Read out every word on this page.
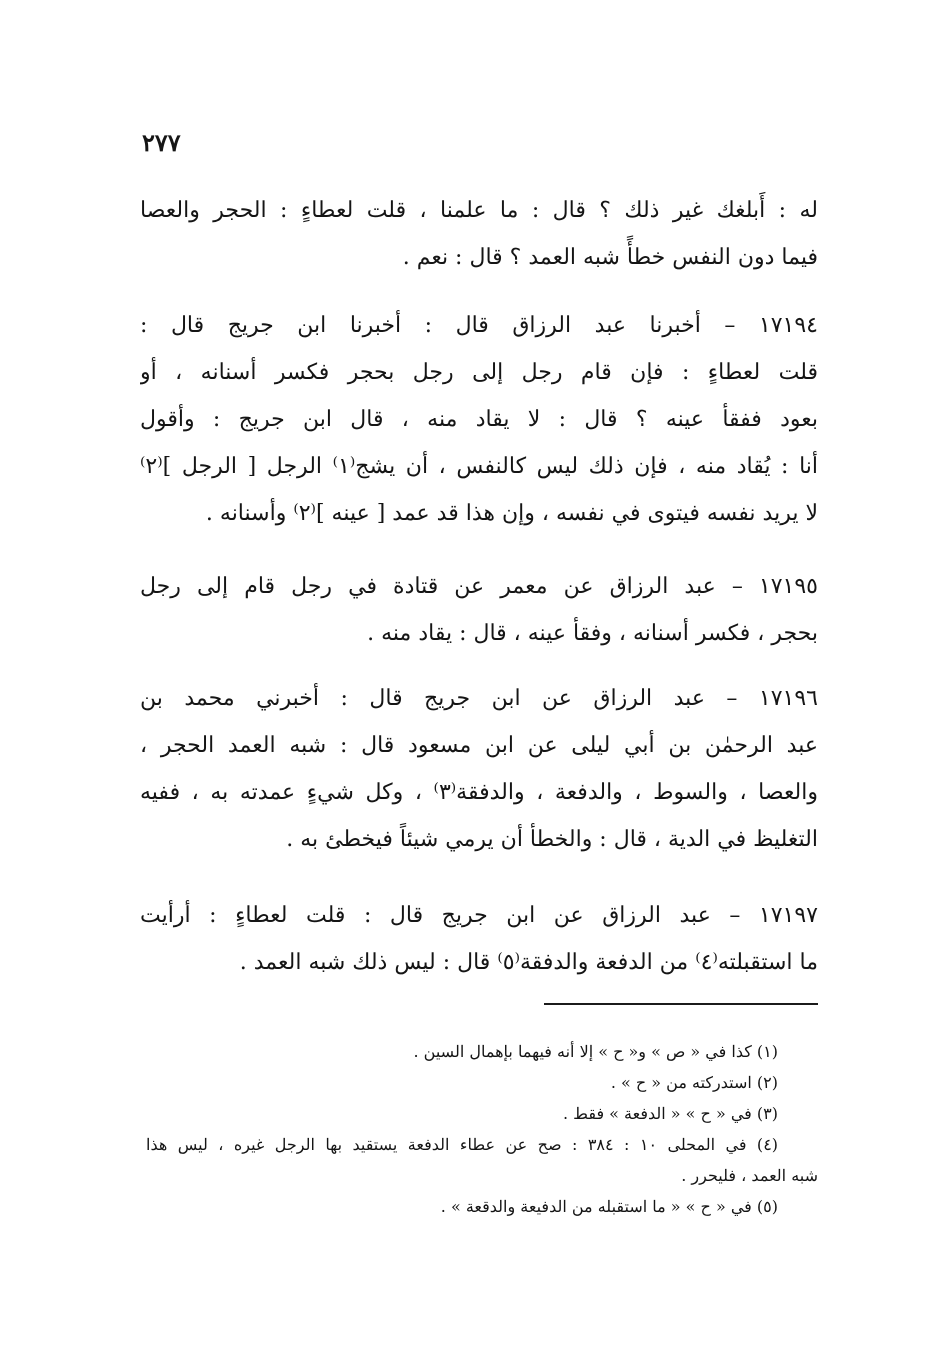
٢٧٧
له : أَبلغك غير ذلك ؟ قال : ما علمنا ، قلت لعطاءٍ : الحجر والعصا
فيما دون النفس خطأً شبه العمد ؟ قال : نعم .
١٧١٩٤ – أخبرنا عبد الرزاق قال : أخبرنا ابن جريج قال :
قلت لعطاءٍ : فإن قام رجل إلى رجل بحجر فكسر أسنانه ، أو
بعود ففقأ عينه ؟ قال : لا يقاد منه ، قال ابن جريج : وأقول
أنا : يُقاد منه ، فإن ذلك ليس كالنفس ، أن يشج⁽١⁾ الرجل [ الرجل ]⁽٢⁾
لا يريد نفسه فيتوى في نفسه ، وإن هذا قد عمد [ عينه ]⁽٢⁾ وأسنانه .
١٧١٩٥ – عبد الرزاق عن معمر عن قتادة في رجل قام إلى رجل
بحجر ، فكسر أسنانه ، وفقأ عينه ، قال : يقاد منه .
١٧١٩٦ – عبد الرزاق عن ابن جريج قال : أخبرني محمد بن
عبد الرحمٰن بن أبي ليلى عن ابن مسعود قال : شبه العمد الحجر ،
والعصا ، والسوط ، والدفعة ، والدفقة⁽٣⁾ ، وكل شيءٍ عمدته به ، ففيه
التغليظ في الدية ، قال : والخطأ أن يرمي شيئاً فيخطئ به .
١٧١٩٧ – عبد الرزاق عن ابن جريج قال : قلت لعطاءٍ : أرأيت
ما استقبلته⁽٤⁾ من الدفعة والدفقة⁽٥⁾ قال : ليس ذلك شبه العمد .
(١) كذا في « ص » و« ح » إلا أنه فيهما بإهمال السين .
(٢) استدركته من « ح » .
(٣) في « ح » « الدفعة » فقط .
(٤) في المحلى ١٠ : ٣٨٤ : صح عن عطاء الدفعة يستقيد بها الرجل غيره ، ليس هذا
شبه العمد ، فليحرر .
(٥) في « ح » « ما استقبله من الدفيعة والدقعة » .
